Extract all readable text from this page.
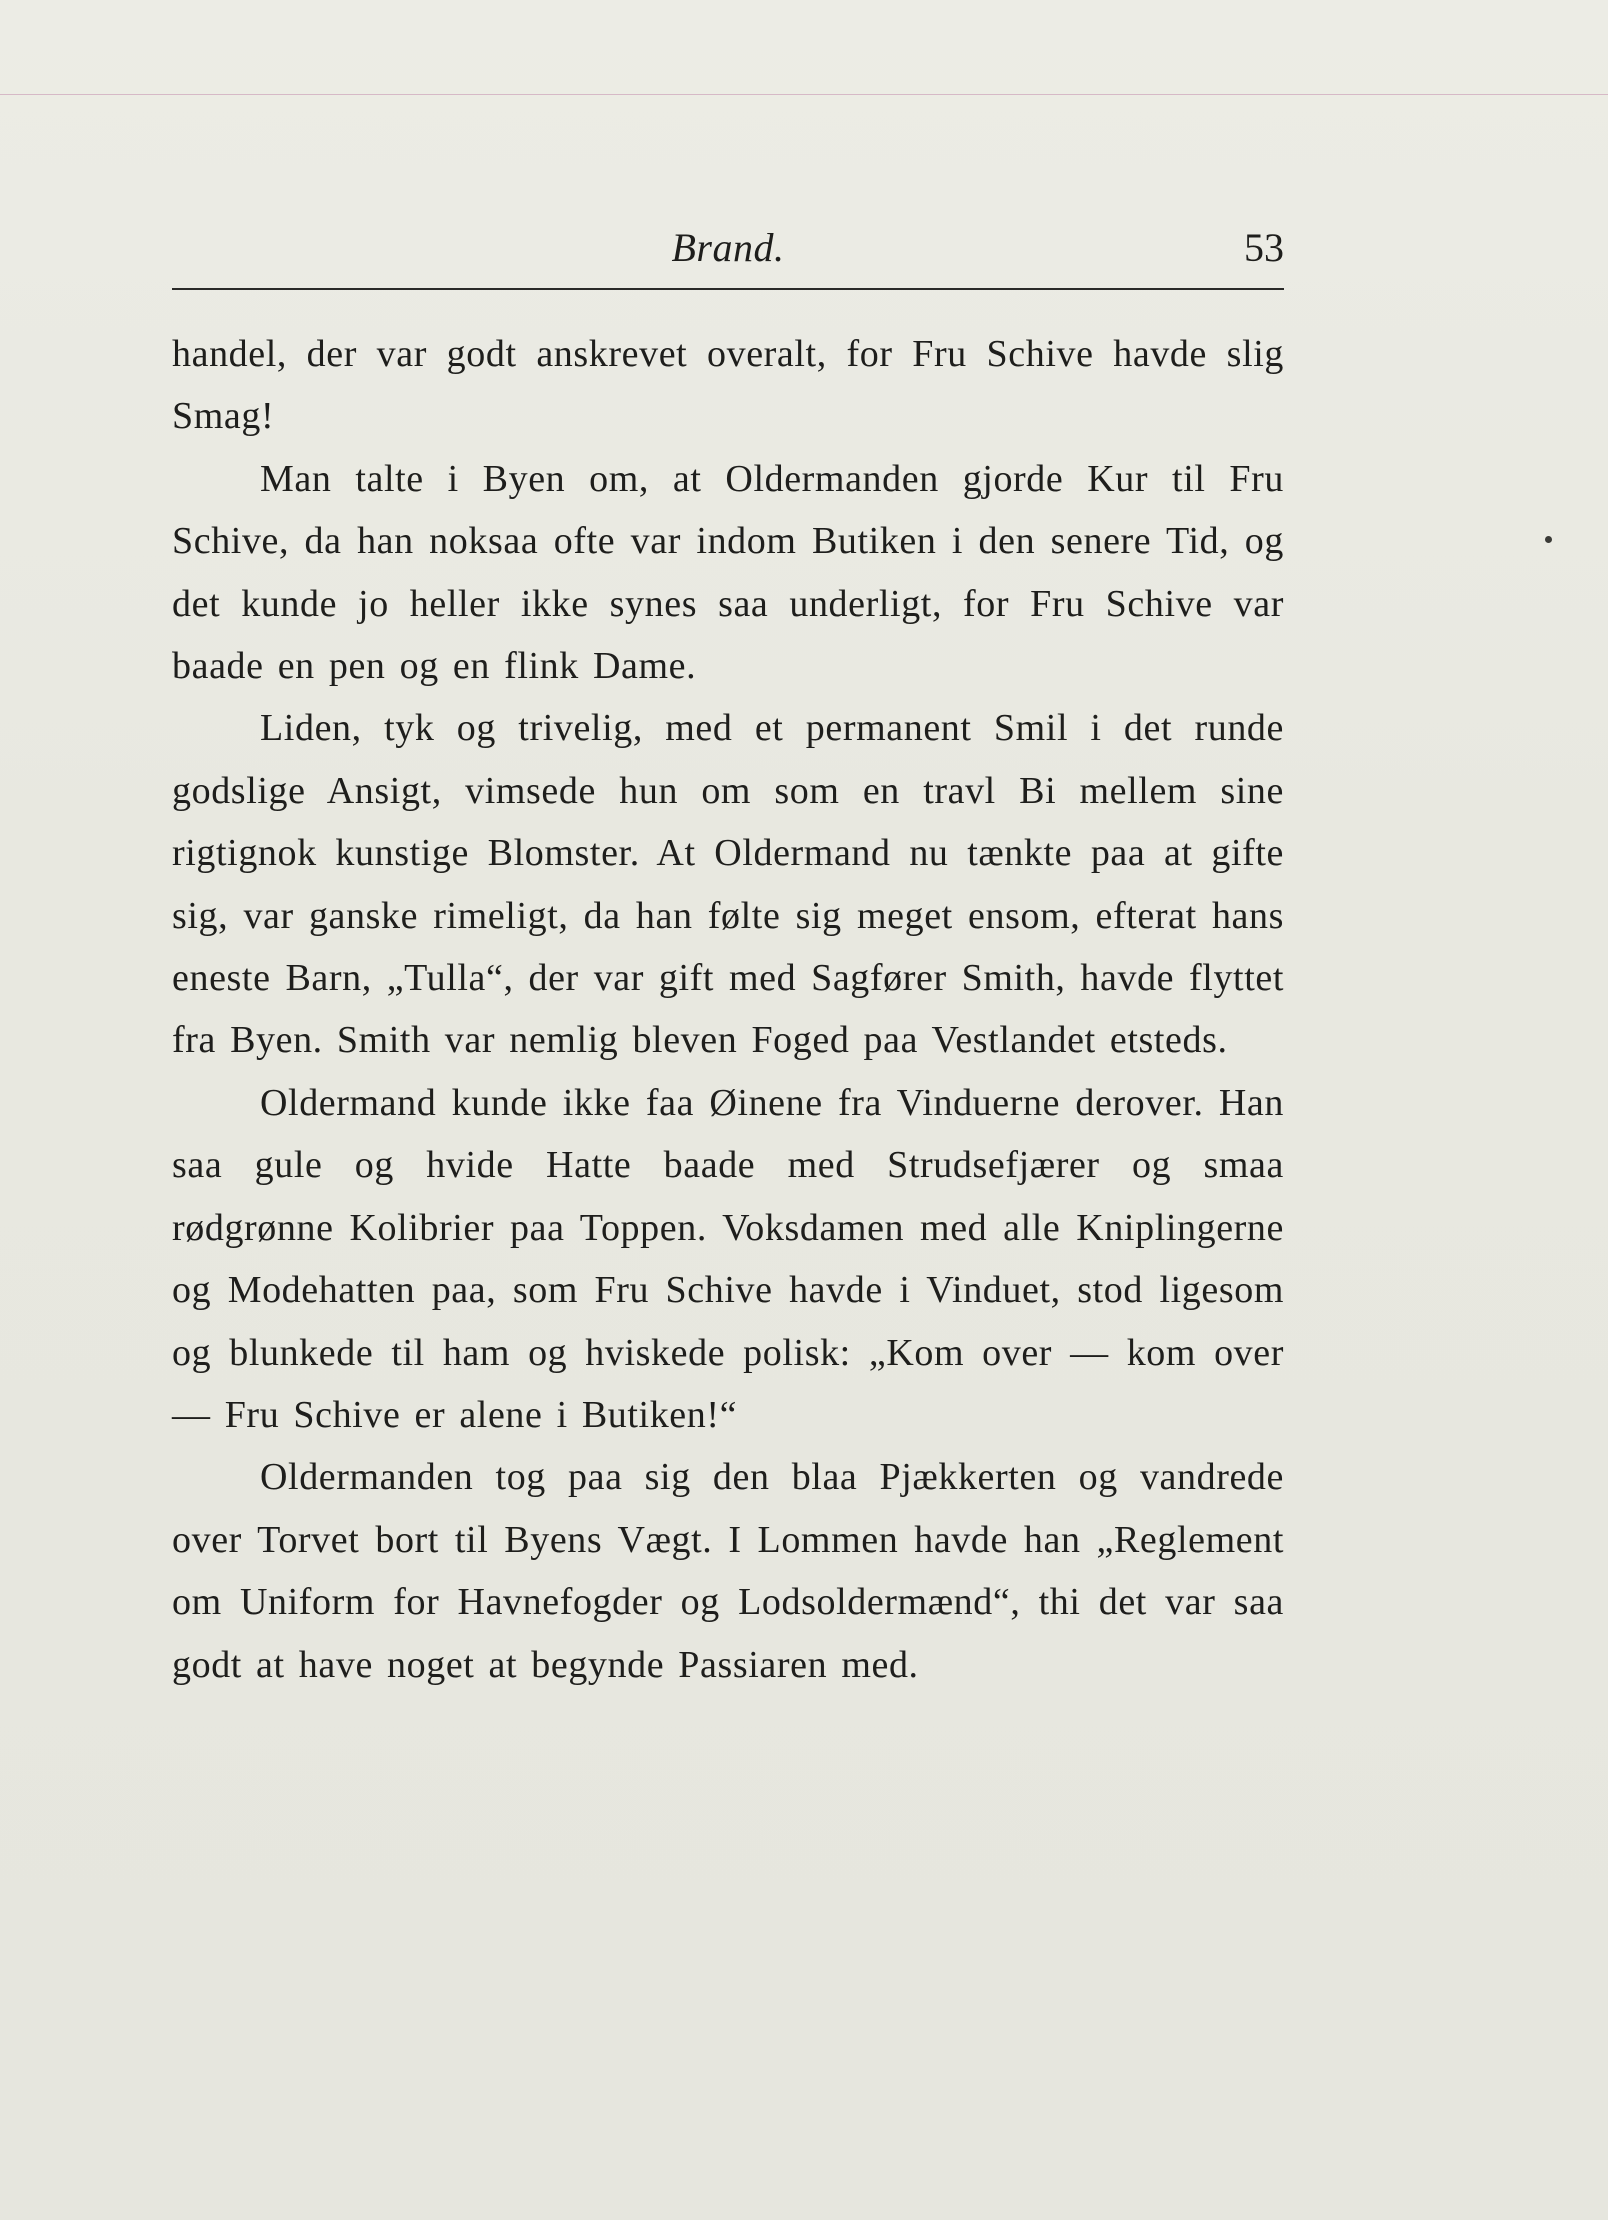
Brand.	53

handel, der var godt anskrevet overalt, for Fru Schive havde slig Smag!

Man talte i Byen om, at Oldermanden gjorde Kur til Fru Schive, da han noksaa ofte var indom Butiken i den senere Tid, og det kunde jo heller ikke synes saa underligt, for Fru Schive var baade en pen og en flink Dame.

Liden, tyk og trivelig, med et permanent Smil i det runde godslige Ansigt, vimsede hun om som en travl Bi mellem sine rigtignok kunstige Blomster. At Oldermand nu tænkte paa at gifte sig, var ganske rimeligt, da han følte sig meget ensom, efterat hans eneste Barn, „Tulla“, der var gift med Sagfører Smith, havde flyttet fra Byen. Smith var nemlig bleven Foged paa Vestlandet etsteds.

Oldermand kunde ikke faa Øinene fra Vinduerne derover. Han saa gule og hvide Hatte baade med Strudsefjærer og smaa rødgrønne Kolibrier paa Toppen. Voksdamen med alle Kniplingerne og Modehatten paa, som Fru Schive havde i Vinduet, stod ligesom og blunkede til ham og hviskede polisk: „Kom over — kom over — Fru Schive er alene i Butiken!“

Oldermanden tog paa sig den blaa Pjækkerten og vandrede over Torvet bort til Byens Vægt. I Lommen havde han „Reglement om Uniform for Havnefogder og Lodsoldermænd“, thi det var saa godt at have noget at begynde Passiaren med.
